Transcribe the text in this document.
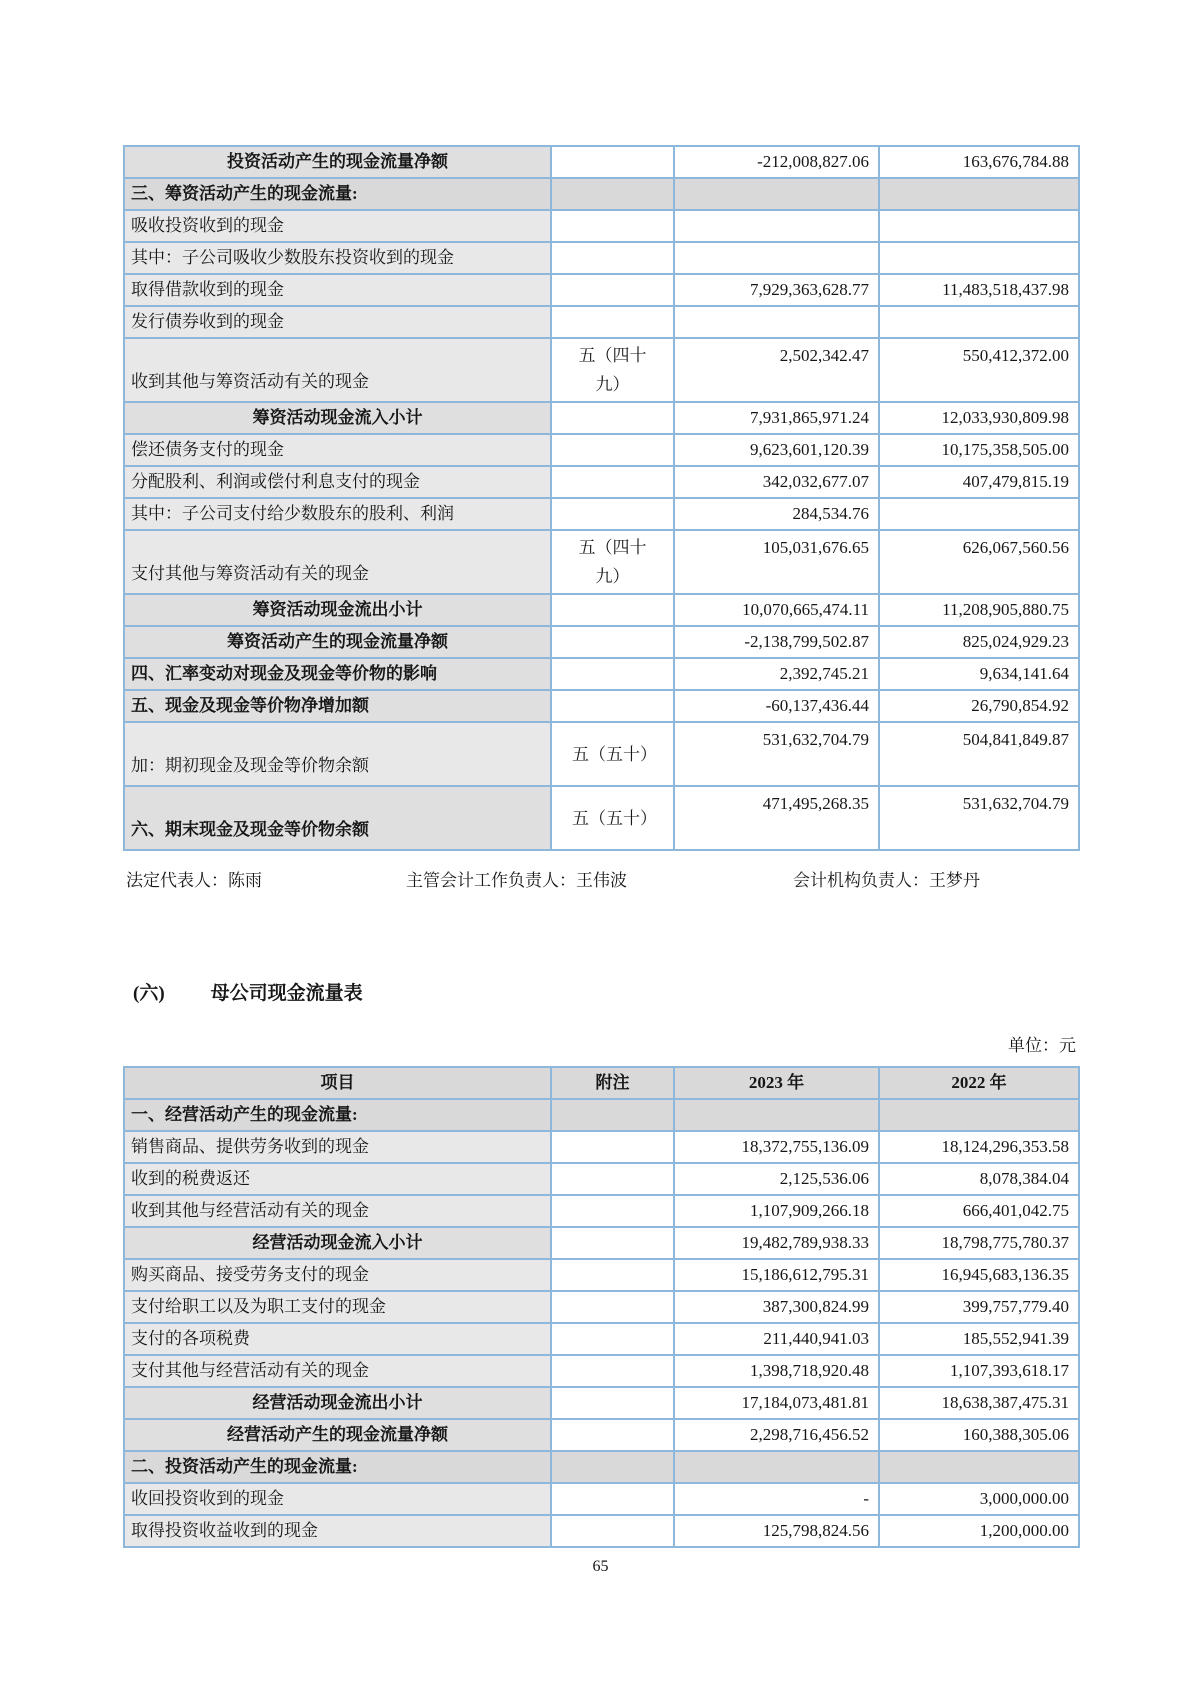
投资活动产生的现金流量净额		-212,008,827.06	163,676,784.88
三、筹资活动产生的现金流量:			
吸收投资收到的现金			
其中：子公司吸收少数股东投资收到的现金			
取得借款收到的现金		7,929,363,628.77	11,483,518,437.98
发行债券收到的现金			
收到其他与筹资活动有关的现金	五（四十九）	2,502,342.47	550,412,372.00
筹资活动现金流入小计		7,931,865,971.24	12,033,930,809.98
偿还债务支付的现金		9,623,601,120.39	10,175,358,505.00
分配股利、利润或偿付利息支付的现金		342,032,677.07	407,479,815.19
其中：子公司支付给少数股东的股利、利润		284,534.76	
支付其他与筹资活动有关的现金	五（四十九）	105,031,676.65	626,067,560.56
筹资活动现金流出小计		10,070,665,474.11	11,208,905,880.75
筹资活动产生的现金流量净额		-2,138,799,502.87	825,024,929.23
四、汇率变动对现金及现金等价物的影响		2,392,745.21	9,634,141.64
五、现金及现金等价物净增加额		-60,137,436.44	26,790,854.92
加：期初现金及现金等价物余额	五（五十）	531,632,704.79	504,841,849.87
六、期末现金及现金等价物余额	五（五十）	471,495,268.35	531,632,704.79
法定代表人：陈雨	主管会计工作负责人：王伟波	会计机构负责人：王梦丹
(六) 母公司现金流量表
单位：元
项目	附注	2023 年	2022 年
一、经营活动产生的现金流量:			
销售商品、提供劳务收到的现金		18,372,755,136.09	18,124,296,353.58
收到的税费返还		2,125,536.06	8,078,384.04
收到其他与经营活动有关的现金		1,107,909,266.18	666,401,042.75
经营活动现金流入小计		19,482,789,938.33	18,798,775,780.37
购买商品、接受劳务支付的现金		15,186,612,795.31	16,945,683,136.35
支付给职工以及为职工支付的现金		387,300,824.99	399,757,779.40
支付的各项税费		211,440,941.03	185,552,941.39
支付其他与经营活动有关的现金		1,398,718,920.48	1,107,393,618.17
经营活动现金流出小计		17,184,073,481.81	18,638,387,475.31
经营活动产生的现金流量净额		2,298,716,456.52	160,388,305.06
二、投资活动产生的现金流量:			
收回投资收到的现金		-	3,000,000.00
取得投资收益收到的现金		125,798,824.56	1,200,000.00
65
